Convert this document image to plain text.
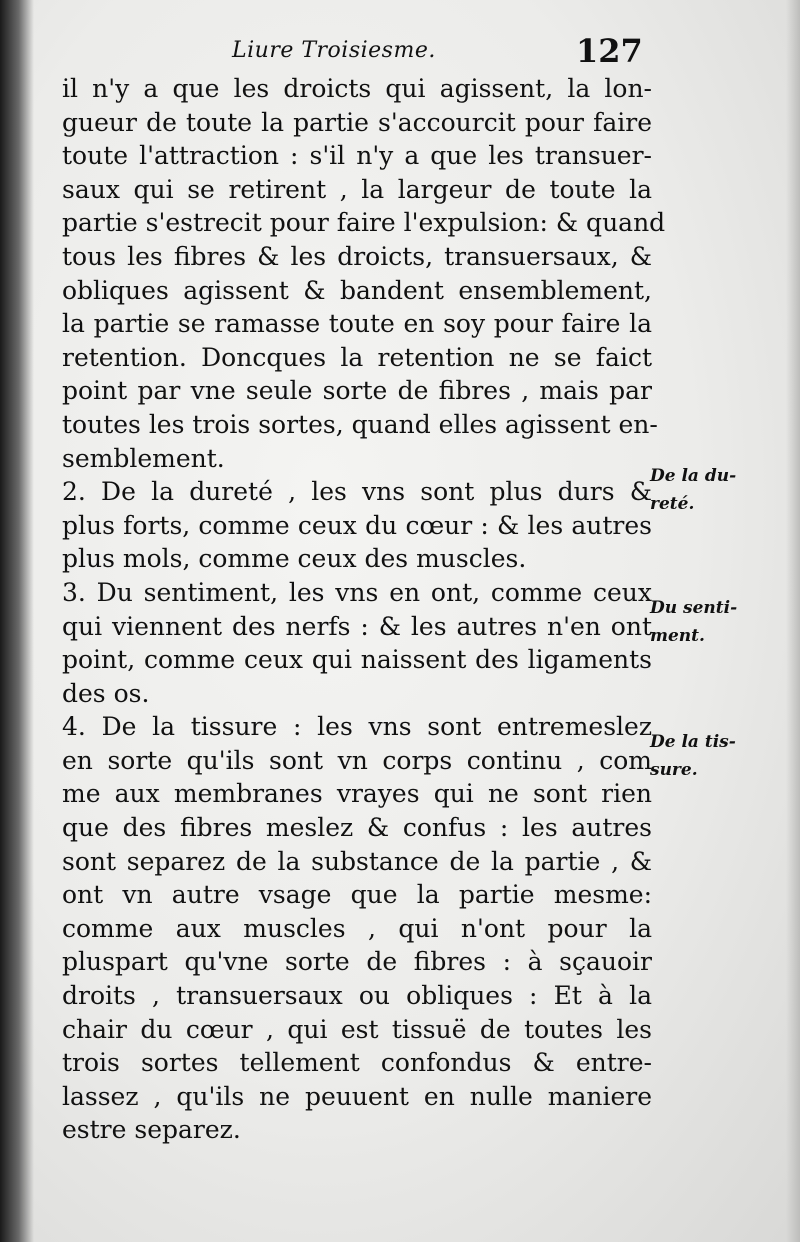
Liure Troisiesme.	127
il n'y a que les droicts qui agissent, la lon-
gueur de toute la partie s'accourcit pour faire
toute l'attraction : s'il n'y a que les transuer-
saux qui se retirent , la largeur de toute la
partie s'estrecit pour faire l'expulsion: & quand
tous les fibres & les droicts, transuersaux, &
obliques agissent & bandent ensemblement,
la partie se ramasse toute en soy pour faire la
retention. Doncques la retention ne se faict
point par vne seule sorte de fibres , mais par
toutes les trois sortes, quand elles agissent en-
semblement.
2. De la dureté , les vns sont plus durs &
plus forts, comme ceux du cœur : & les autres
plus mols, comme ceux des muscles.
3. Du sentiment, les vns en ont, comme ceux
qui viennent des nerfs : & les autres n'en ont
point, comme ceux qui naissent des ligaments
des os.
4. De la tissure : les vns sont entremeslez
en sorte qu'ils sont vn corps continu , com
me aux membranes vrayes qui ne sont rien
que des fibres meslez & confus : les autres
sont separez de la substance de la partie , &
ont vn autre vsage que la partie mesme:
comme aux muscles , qui n'ont pour la
pluspart qu'vne sorte de fibres : à sçauoir
droits , transuersaux ou obliques : Et à la
chair du cœur , qui est tissuë de toutes les
trois sortes tellement confondus & entre-
lassez , qu'ils ne peuuent en nulle maniere
estre separez.
De la du-
reté.
Du senti-
ment.
De la tis-
sure.
